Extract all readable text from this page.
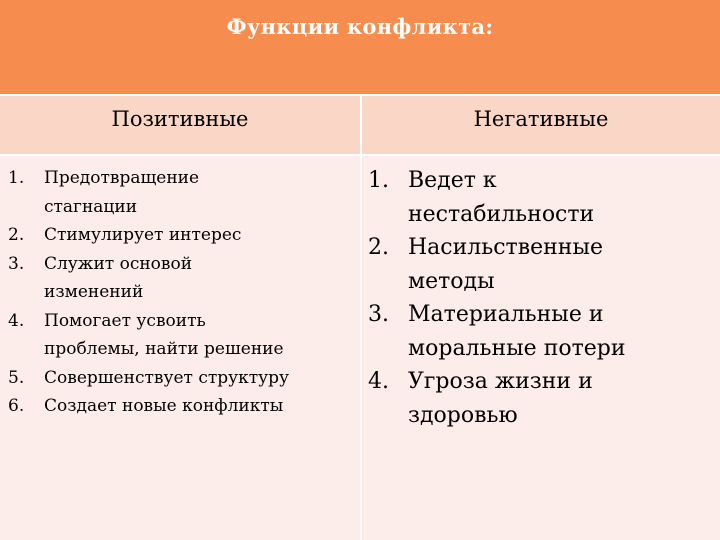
Функции конфликта:
Позитивные	Негативные
1. Предотвращение
стагнации
2. Стимулирует интерес
3. Служит основой
изменений
4. Помогает усвоить
проблемы, найти решение
5. Совершенствует структуру
6. Создает новые конфликты
1. Ведет к
нестабильности
2. Насильственные
методы
3. Материальные и
моральные потери
4. Угроза жизни и
здоровью
